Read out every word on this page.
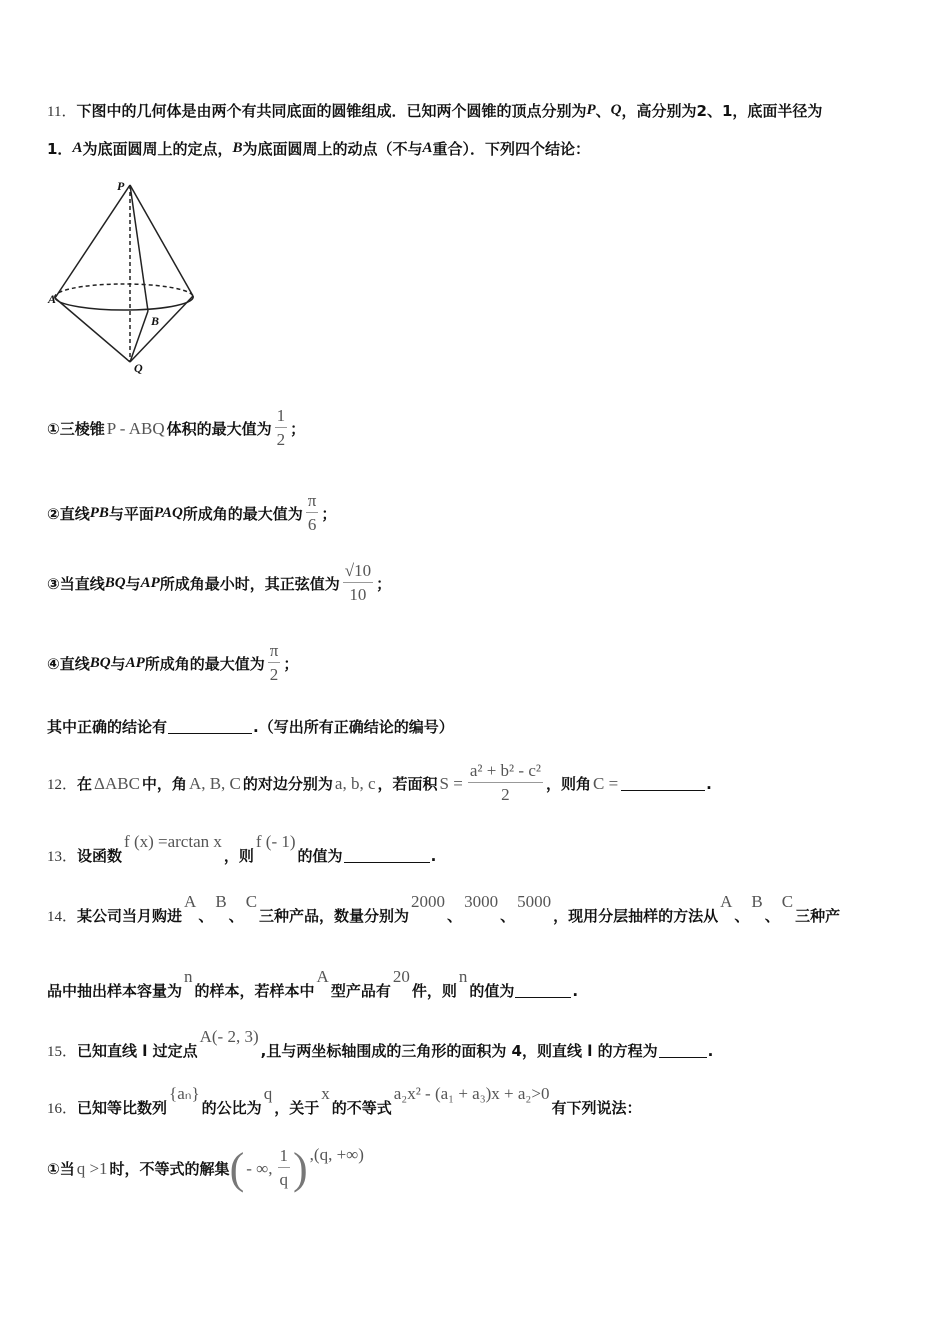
P
A
B
Q
11． 下图中的几何体是由两个有共同底面的圆锥组成．已知两个圆锥的顶点分别为 P 、 Q ，高分别为2、1，底面半径为
1． A 为底面圆周上的定点， B 为底面圆周上的动点（不与 A 重合）．下列四个结论：
①三棱锥 P - ABQ 体积的最大值为 $\frac{1}{2}$ ；
②直线 PB 与平面 PAQ 所成角的最大值为 $\frac{\pi}{6}$ ；
③当直线 BQ 与 AP 所成角最小时，其正弦值为 $\frac{√10}{10}$ ；
④直线 BQ 与 AP 所成角的最大值为 $\frac{\pi}{2}$ ；
其中正确的结论有	.（写出所有正确结论的编号）
12． 在 ΔABC 中，角 A, B, C 的对边分别为 a, b, c ，若面积 $S = \frac{\text{a² + b² - c²}}{2}$ ，则角 C =	.
13． 设函数
f (x) =arctan x
，则
f (- 1)
的值为	.
14． 某公司当月购进
A
、
B
、
C
三种产品，数量分别为
2000
、
3000
、
5000
，现用分层抽样的方法从
A
、
B
、
C
三种产
品中抽出样本容量为
n
的样本，若样本中
A
型产品有
20
件，则
n
的值为	.
15． 已知直线 l 过定点
A(- 2, 3)
,且与两坐标轴围成的三角形的面积为 4，则直线 l 的方程为	.
16． 已知等比数列
{aₙ}
的公比为
q
，关于
x
的不等式
a₂x² - (a₁ + a₃)x + a₂>0
有下列说法：
①当 q >1 时，不等式的解集 ( - ∞, $\frac{1}{q}$ ) ,(q, +∞)
